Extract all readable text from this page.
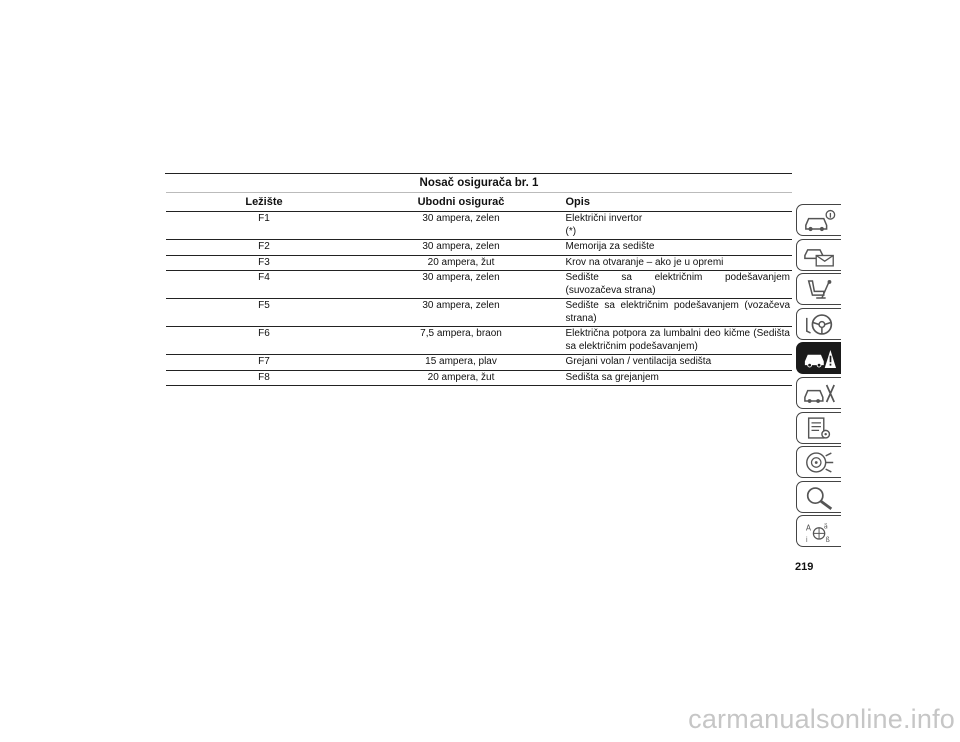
Nosač osigurača br. 1		
Ležište	Ubodni osigurač	Opis
F1	30 ampera, zelen	Električni invertor
(*)

F2	30 ampera, zelen	Memorija za sedište

F3	20 ampera, žut	Krov na otvaranje – ako je u opremi

F4	30 ampera, zelen	Sedište sa električnim podešavanjem
(suvozačeva strana)

F5	30 ampera, zelen	Sedište sa električnim podešavanjem (vozačeva
strana)

F6	7,5 ampera, braon	Električna potpora za lumbalni deo kičme (Sedišta
sa električnim podešavanjem)

F7	15 ampera, plav	Grejani volan / ventilacija sedišta

F8	20 ampera, žut	Sedišta sa grejanjem
A ä
i	ß
219
carmanualsonline.info
